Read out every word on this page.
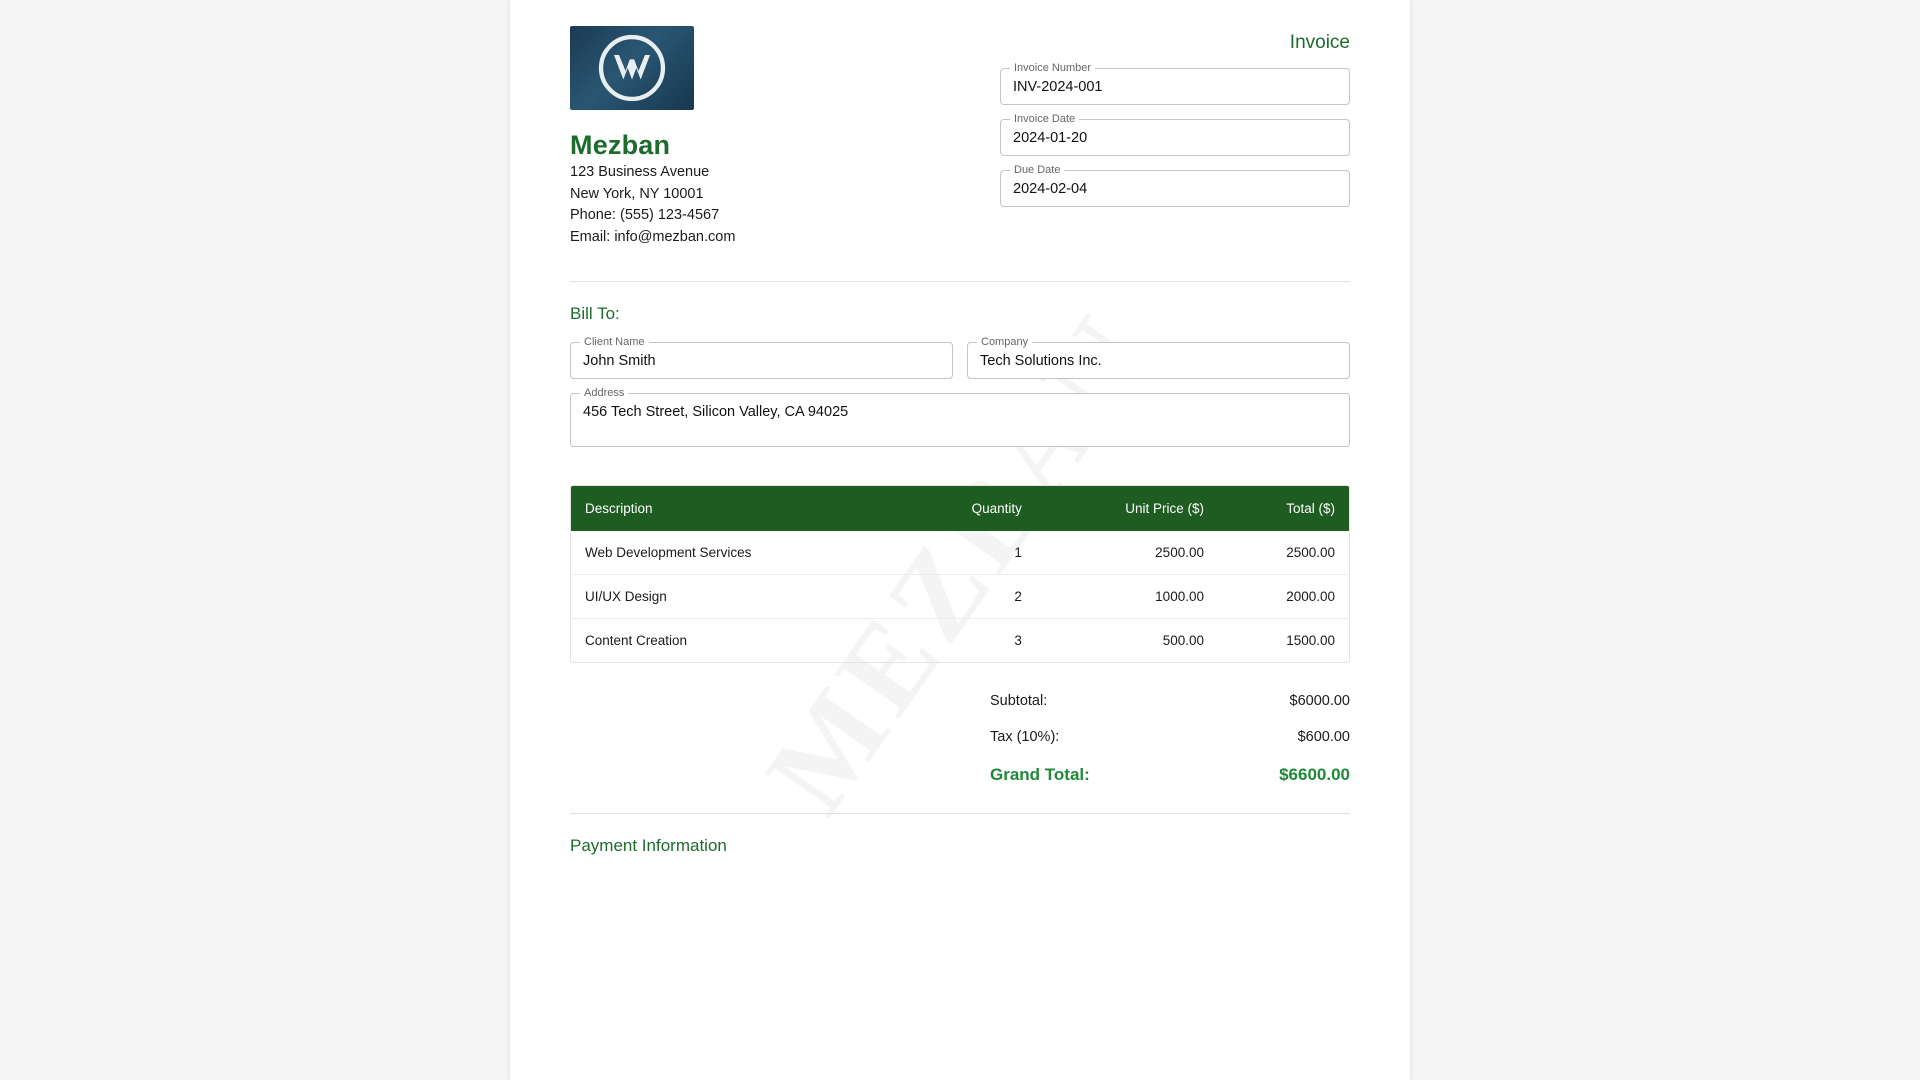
Mezban
123 Business Avenue
New York, NY 10001
Phone: (555) 123-4567
Email: info@mezban.com
Invoice
Invoice Number
INV-2024-001
Invoice Date
2024-01-20
Due Date
2024-02-04
Bill To:
Client Name
John Smith
Company
Tech Solutions Inc.
Address
456 Tech Street, Silicon Valley, CA 94025
Description	Quantity	Unit Price ($)	Total ($)
Web Development Services	1	2500.00	2500.00
UI/UX Design	2	1000.00	2000.00
Content Creation	3	500.00	1500.00
Subtotal:	$6000.00
Tax (10%):	$600.00
Grand Total:	$6600.00
Payment Information
